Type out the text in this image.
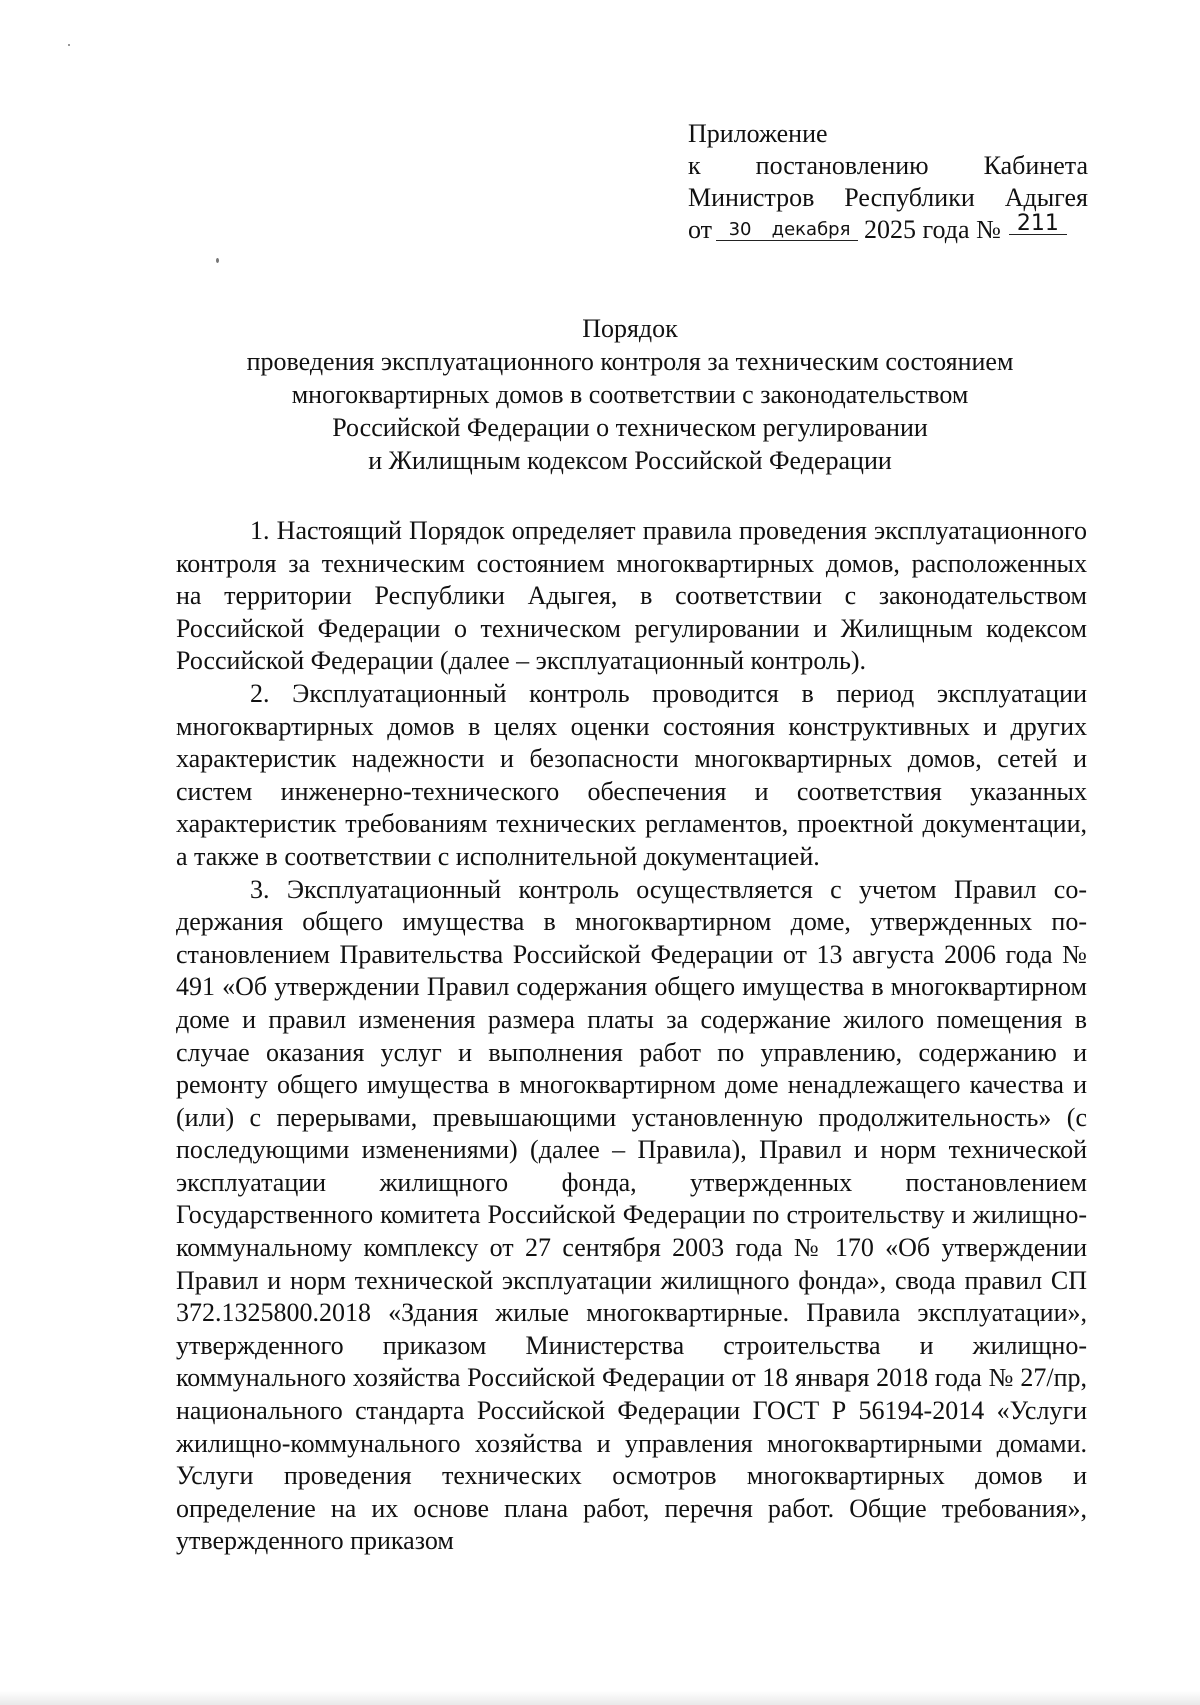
Приложение
к постановлению Кабинета
Министров Республики Адыгея
от 30	декабря 2025 года № 211
Порядок
проведения эксплуатационного контроля за техническим состоянием
многоквартирных домов в соответствии с законодательством
Российской Федерации о техническом регулировании
и Жилищным кодексом Российской Федерации

1. Настоящий Порядок определяет правила проведения эксплуатационного контроля за техническим состоянием многоквартирных домов, расположенных на территории Республики Адыгея, в соответствии с законодательством Российской Федерации о техническом регулировании и Жилищным кодексом Российской Федерации (далее – эксплуатационный контроль).

2. Эксплуатационный контроль проводится в период эксплуатации многоквартирных домов в целях оценки состояния конструктивных и других характеристик надежности и безопасности многоквартирных домов, сетей и систем инженерно-технического обеспечения и соответствия указанных характеристик требованиям технических регламентов, проектной документации, а также в соответствии с исполнительной документацией.

3. Эксплуатационный контроль осуществляется с учетом Правил содержания общего имущества в многоквартирном доме, утвержденных постановлением Правительства Российской Федерации от 13 августа 2006 года № 491 «Об утверждении Правил содержания общего имущества в многоквартирном доме и правил изменения размера платы за содержание жилого помещения в случае оказания услуг и выполнения работ по управлению, содержанию и ремонту общего имущества в многоквартирном доме ненадлежащего качества и (или) с перерывами, превышающими установленную продолжительность» (с последующими изменениями) (далее – Правила), Правил и норм технической эксплуатации жилищного фонда, утвержденных постановлением Государственного комитета Российской Федерации по строительству и жилищно-коммунальному комплексу от 27 сентября 2003 года № 170 «Об утверждении Правил и норм технической эксплуатации жилищного фонда», свода правил СП 372.1325800.2018 «Здания жилые многоквартирные. Правила эксплуатации», утвержденного приказом Министерства строительства и жилищно-коммунального хозяйства Российской Федерации от 18 января 2018 года № 27/пр, национального стандарта Российской Федерации ГОСТ Р 56194-2014 «Услуги жилищно-коммунального хозяйства и управления многоквартирными домами. Услуги проведения технических осмотров многоквартирных домов и определение на их основе плана работ, перечня работ. Общие требования», утвержденного приказом
